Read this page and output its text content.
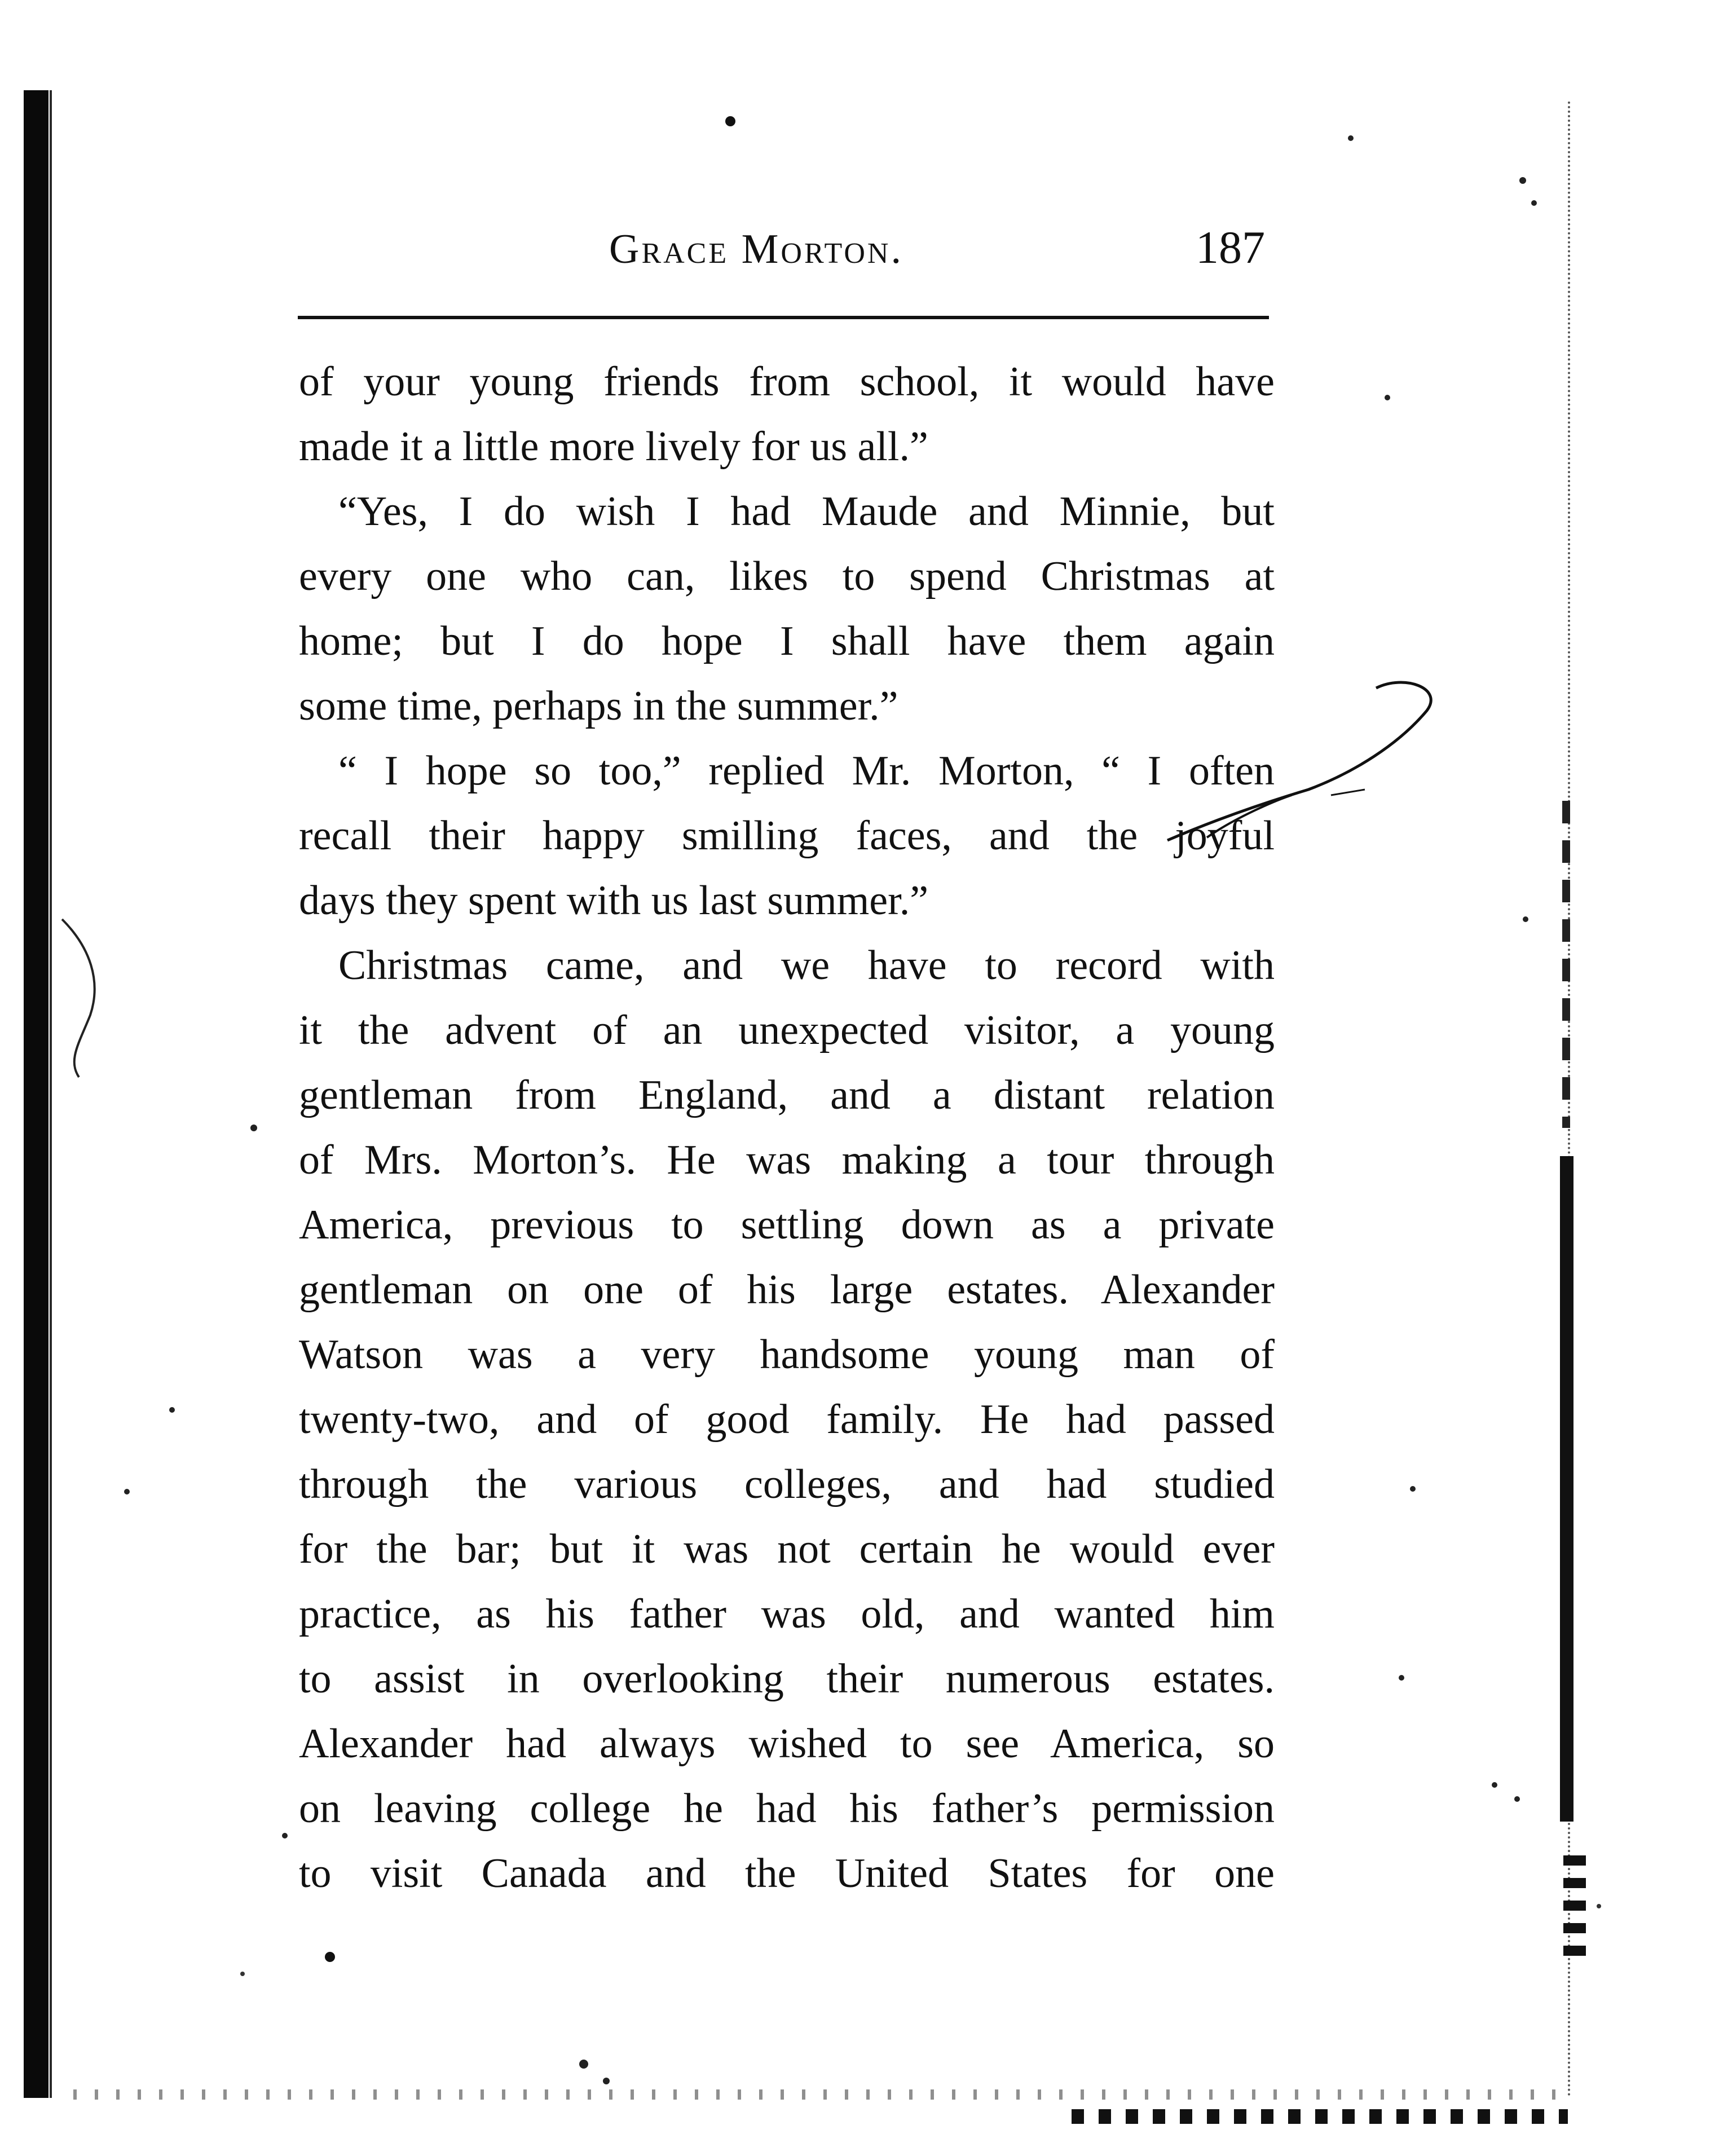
Grace Morton.	187
of your young friends from school, it would have
made it a little more lively for us all.”
“Yes, I do wish I had Maude and Minnie, but
every one who can, likes to spend Christmas at
home; but I do hope I shall have them again
some time, perhaps in the summer.”
“ I hope so too,” replied Mr. Morton, “ I often
recall their happy smilling faces, and the joyful
days they spent with us last summer.”
Christmas came, and we have to record with
it the advent of an unexpected visitor, a young
gentleman from England, and a distant relation
of Mrs. Morton’s. He was making a tour through
America, previous to settling down as a private
gentleman on one of his large estates. Alexander
Watson was a very handsome young man of
twenty-two, and of good family. He had passed
through the various colleges, and had studied
for the bar; but it was not certain he would ever
practice, as his father was old, and wanted him
to assist in overlooking their numerous estates.
Alexander had always wished to see America, so
on leaving college he had his father’s permission
to visit Canada and the United States for one
